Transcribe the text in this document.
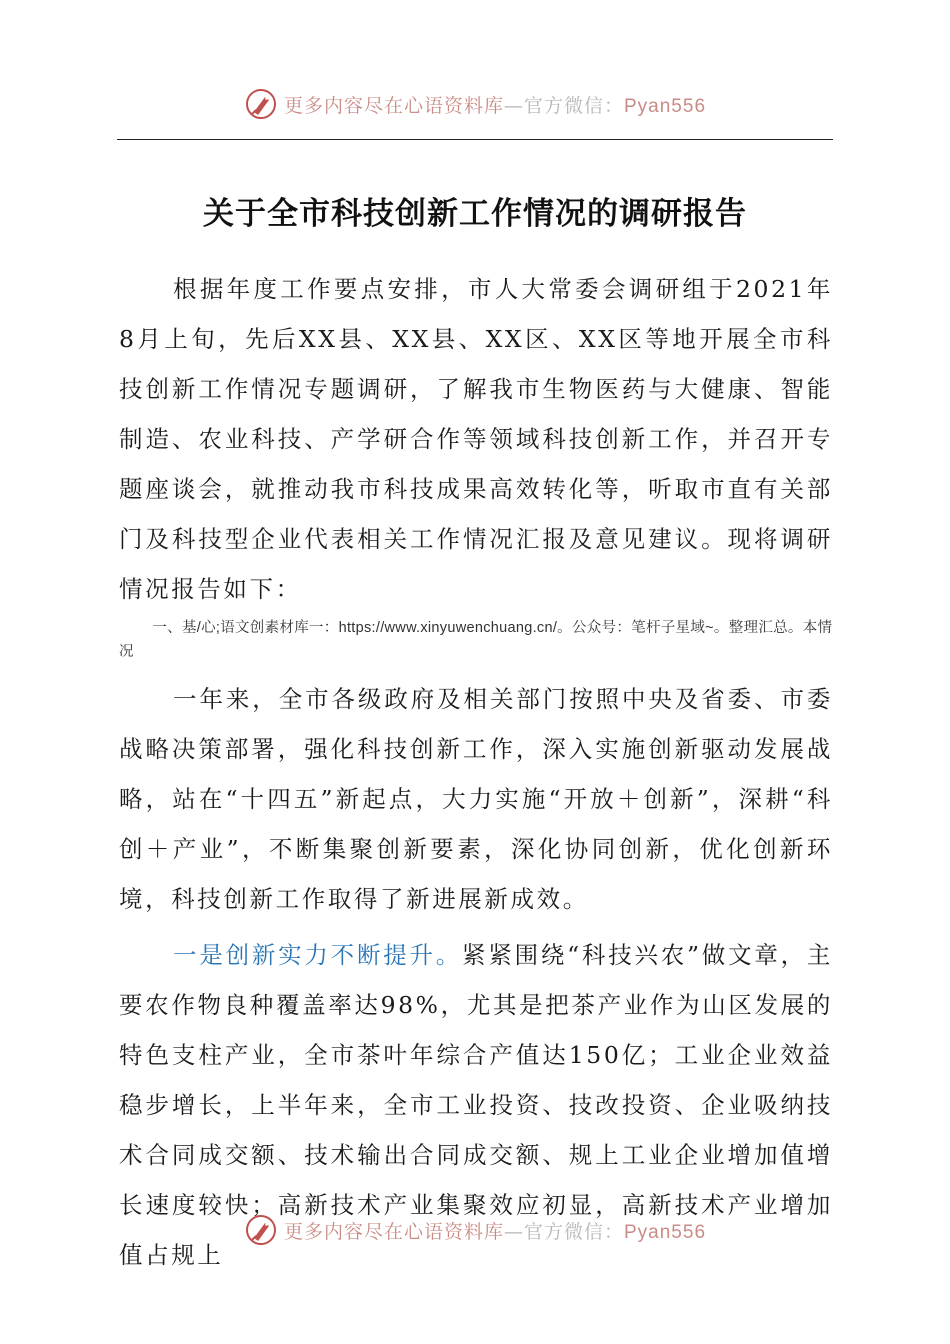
更多内容尽在心语资料库—官方微信：Pyan556
关于全市科技创新工作情况的调研报告

根据年度工作要点安排，市人大常委会调研组于2021年8月上旬，先后XX县、XX县、XX区、XX区等地开展全市科技创新工作情况专题调研，了解我市生物医药与大健康、智能制造、农业科技、产学研合作等领域科技创新工作，并召开专题座谈会，就推动我市科技成果高效转化等，听取市直有关部门及科技型企业代表相关工作情况汇报及意见建议。现将调研情况报告如下：

一、基/心;语文创素材库一：https://www.xinyuwenchuang.cn/。公众号：笔杆子星域~。整理汇总。本情况

一年来，全市各级政府及相关部门按照中央及省委、市委战略决策部署，强化科技创新工作，深入实施创新驱动发展战略，站在“十四五”新起点，大力实施“开放＋创新”，深耕“科创＋产业”，不断集聚创新要素，深化协同创新，优化创新环境，科技创新工作取得了新进展新成效。

一是创新实力不断提升。紧紧围绕“科技兴农”做文章，主要农作物良种覆盖率达98%，尤其是把茶产业作为山区发展的特色支柱产业，全市茶叶年综合产值达150亿；工业企业效益稳步增长，上半年来，全市工业投资、技改投资、企业吸纳技术合同成交额、技术输出合同成交额、规上工业企业增加值增长速度较快；高新技术产业集聚效应初显，高新技术产业增加值占规上

更多内容尽在心语资料库—官方微信：Pyan556
